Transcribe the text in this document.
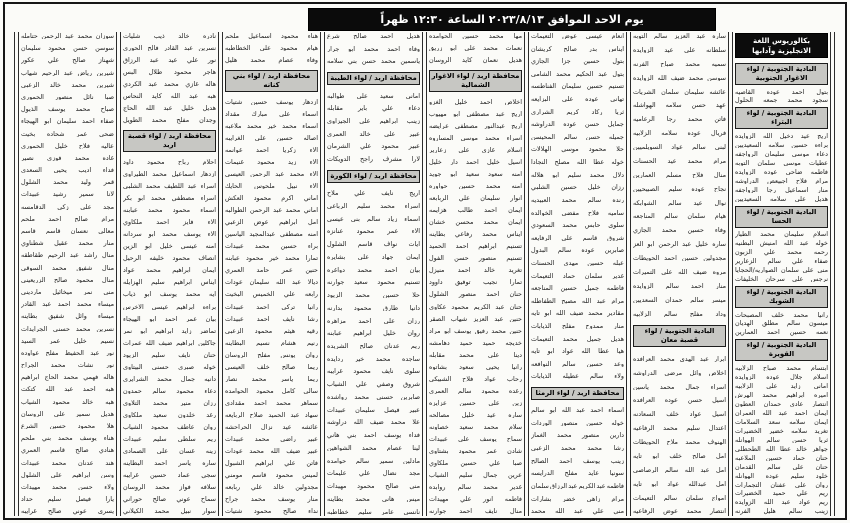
يوم الاحد الموافق ٢٠٢٣/٨/١٣ الساعة ١٢:٣٠ ظهراً
بكالوريوس اللغة الانجليزية وآدابها
البادية الجنوبية / لواء الاغوار الجنوبية
بتول
احمد
عوده
القاصيه
سجود
محمد
جمعه
الحلول
البادية الجنوبية / لواء البتراء
اريج
عيد
دخيل
الله
الزوايده
براءه
حسين
سلامه
السعيديين
دعاء
موسى
سليمان
الرواجفه
عطيات
موسى
سلمان
التوبه
فاطمه
ضاحي
عوده
الزوايده
مرام
فلاح
اجبيعص
الدراوشه
منار
اسماعيل
رجا
الرواجفه
هديل
علي
سلامه
السعيديين
البادية الجنوبية / لواء الحسا
اسلام
سليمان
محمد
الطيار
خوله
عبد
الله
امنيش
البطنيه
رحمه
محمد
علي
الزبون
صفاء
علي
سالم
الزعارير
منى
علي
سلمان
الصواريه/الحجايا
نرجس
علي
سرحان
الخليفات
البادية الجنوبية / لواء الشوبك
رانيا
محمد
خلف
المصبحات
ميسون
سالم
مطلق
الهديان
نعمه
حسين
احمد
العمارين
البادية الجنوبية / لواء القويرة
ابتسام
محمد
صباح
الزلابيه
اسلام
جلال
عوده
الزوايده
اماني
زايد
علي
الزلابيه
اميره
ابراهيم
محمد
الهرش
انتصار
عادي
حمدان
العطون
ايمان
احمد
عبد
الله
العمران
ايمان
سلامه
سعد
السلامات
تغريد
سلامه
خضير
الخضيرات
ثريا
حسن
سالم
الهوانله
جواهر
خالد
عطا
الله
الطحطلي
حنان
حماد
حسين
الملاعبه
حنان
علي
سالم
القدمان
خلود
سليم
عوده
الهوانله
روان
علي
عفنان
التجمارات
ريم
علي
حميد
الخضيرات
ريم
عواد
عبد
الله
الزوايده
زينب
سالم
هليل
الفرنه
ساره
عبد
العزيز
سالم
التوبه
سلطانه
علي
عيد
الزوايده
سميه
محمد
صباح
الفرنه
سوسن
محمد
ضيف
الله
الزوايده
عائشه
سليمان
سلمان
الشريات
عهد
حسن
سلامه
الهواشله
فاتن
محمد
رجا
الرعاميه
فريال
عوده
سلامه
الزلابيه
لبنى
سالم
عواد
السويلميين
مرام
محمد
عيد
الحسنات
منال
فلاح
مسلم
العمارين
نجاح
عوده
سليم
الصبيحيين
نوال
عيد
سالم
الشوابكه
هيام
سلمان
سالم
المناجعه
وفاء
حسين
محمد
الجازي
ساره
خليل
عبد
الرحمن
ابو
العز
مجدولين
حسين
احمد
الحويطات
مروه
ضيف
الله
علي
التميرات
منار
احمد
سالم
الزوايده
ميسر
سالم
حمدان
السعديين
وداد
مفلح
سالم
الزلابيه
البادية الجنوبية / لواء قصبة معان
ابرار
عبد
الهدى
محمد
العرافده
اخلاص
وائل
مرضي
الدراوشه
اسراء
جمال
محمد
ياسين
اسيل
حسن
عوده
العرافده
اسيل
عواد
خلف
السعادنه
اعتدال
سليم
محمد
الرفاعيه
الهنوف
محمد
ملاح
الحويطات
امل
صالح
خلف
ابو
تايه
امل
عبد
الله
سالم
الرصاصي
امل
عبدالله
عواد
ابو
تايه
امواج
سلمان
سالم
التعيمات
انتصار
محمد
عوض
الرفاعيه
انعام
عيسى
عوض
التعيمات
ايناس
بدر
صالح
كريشان
بتول
حسين
جزا
الجازي
بتول
عبد
الحكيم
محمد
الشامي
تسنيم
حسين
سليمان
الفناطسه
تهاني
عوده
علي
البزايعه
ثريا
ركاد
كريم
الشراري
جمايل
حسن
عوده
الدراوشه
جميله
حسن
سالم
المحيسن
حلا
محمود
موسى
الهلالات
خوله
عطا
الله
مصلح
النجادا
دلال
محمد
سليم
ابو
هلاله
رزان
خليل
حسين
الشلبي
رنده
سالم
محمد
العبيديه
ساميه
فلاح
مفضي
الخوالده
سلوى
حابس
محمد
السعودي
شروق
قاسم
علي
الرفايعه
صابرين
عوده
سالم
البدول
عبله
حسين
مهدي
الحسنات
غدير
سلمان
حماد
التعيمات
فاطمه
جميل
حسين
المناجعه
مرام
عبد
الله
مصبح
الطفاطله
مقادير
محمد
ضيف
الله
ابو
تايه
منار
ممدوح
مفلح
الذيابات
هديل
جميل
محمد
التعيمات
هيا
عطا
الله
عواد
ابو
تايه
وعد
حسين
سالم
النوافعه
ولاء
سالم
عطيله
الذيابات
محافظة اربد / لواء الرمثا
اسماء
احمد
عبد
الله
ابو
سالم
خوله
حسين
منصور
الوردات
دارين
منصور
محمد
الغماز
رشا
محمد
محمد
الزعبي
زينب
يوسف
احمد
الصالح
سونيا
عايد
مفلح
الدرايسه
فاطمه
عبد
الكريم
عبد
الرزاق
سلمان
مرام
زاهي
خضر
بشارات
منى
علي
عبد
الله
محمد
مها
محمد
حسين
الحوامده
نعمات
محمد
علي
ابو
زريق
هديل
نعمان
كايد
الروسان
محافظة اربد / لواء الاغوار الشمالية
اخلاص
احمد
خليل
الغزو
اريج
عبد
مصطفى
ابو
مهيوب
اريج
عبدالنور
مصطفى
عرايضه
اسراء
محمد
موسى
المساروه
اسلام
غازي
علي
زعارير
اسيل
خليل
احمد
دار
خليل
امنه
سعود
سعيد
ابو
جويد
امنه
محمد
حسين
حواوره
انوار
سليمان
علي
الربابعه
ايمان
احمد
طالب
هزايمه
ايمان
محمد
محسن
خشان
ايناس
محمد
رفاعي
بطاينه
تسنيم
ابراهيم
احمد
الحميد
تسنيم
منصور
حسن
الفول
تغريد
خالد
احمد
منيزل
تمارا
نجيب
توفيق
داوود
حنان
احمد
منصور
الشلول
حنان
عبد
الكريم
محمود
عكاوي
حنين
عبد
العزيز
شهاب
الصقر
حنين
محمد
رفيق
يوسف
ابو
مراد
خديجه
حميد
حميد
دهامشه
دينا
علي
محمد
مقابله
رانيا
يحيى
سعود
بشاتوه
رحاب
عواد
فلاح
الشبيكي
رغده
محمود
سالم
العمري
زين
علي
حسين
عزايزه
ساره
عيد
خليل
مصالحه
سلام
محمد
سعيد
خصاونه
سماح
يوسف
علي
عبيدات
شادن
عمر
محمود
بشتاوي
صبا
علي
حسين
ملكاوي
عرين
جمال
سليم
الشياب
غدير
محمد
سالم
روابده
فاطمه
انور
علي
مهيدات
منال
نايف
احمد
جوارنه
هديل
احمد
صالح
شرع
وفاء
احمد
محمد
ابو
جرار
ياسمين
محمد
حسن
بني
سلامه
محافظة اربد / لواء الطيبة
اماني
سعيد
علي
طوالبه
دعاء
علي
باير
مقابله
زينب
ابراهيم
علي
الجيزاوي
عبير
علي
خالد
العمري
عبير
محمود
علي
الشرمان
لارا
مشرف
راجح
الدويكات
محافظة اربد / لواء الكورة
اريج
نايف
علي
ملاح
اسراء
محمد
سليم
الرباعي
اسماء
زياد
سالم
بني
عيسى
الاء
عمر
محمود
عنانزه
ايات
نواف
قاسم
الشلول
ايمان
جهاد
علي
بشايره
بيان
احمد
محمد
دواغره
تسنيم
محمود
سعيد
جوارنه
حلا
حسين
محمد
الزيود
دانيا
طارق
محمود
بدارنه
رزان
علي
احمد
مزاهره
روان
خليل
ابراهيم
عبابنه
ريم
عدنان
صالح
الشريده
ساجده
محمد
خير
ردايده
سلوى
نايف
محمود
غرايبه
شروق
وصفي
علي
الشياب
صابرين
حسني
محمد
رواشده
عبير
فيصل
سليمان
عبيدات
علا
محمد
ضيف
الله
دراوشه
فداء
يوسف
احمد
بني
هاني
لينا
عصام
محمد
الشواهين
مادلين
سمير
سالم
حوامده
مجد
نضال
علي
عليمات
منى
صالح
محمود
مهيدات
ميس
هاني
محمد
بطاينه
نانسي
عامر
سليم
خطاطبه
هناء
محمود
اسماعيل
ملحم
هيام
محمود
علي
الخطاطبه
وفاء
عصام
محمد
هليل
محافظة اربد / لواء بني كنانه
ازدهار
يوسف
حسين
شتيات
اسماء
علي
مبارك
مقداد
اسماء
محمد
خير
محمد
ملاعبه
اصاله
حسين
علي
الغرايبه
الاء
زكريا
احمد
غوانمه
الاء
زيد
محمود
غنيمات
الاء
محمد
عبد
الرحمن
العيسى
الاء
نبيل
ملحوس
الحايك
اماني
اكرم
محمود
العكش
اماني
محمد
عبد
الرحمن
الطوالبه
امل
ابراهيم
عوض
الزعبي
امنه
مصطفى
عبدالمجيد
الياسين
براء
حسين
محمد
عبيدات
تمارا
محمد
خير
محمود
عبابنه
حنين
عمر
حامد
العمري
ديالا
عبد
الله
سليمان
عودات
رابعه
علي
الخميس
البخيت
رانيا
تركي
احمد
عبيدات
رشا
نايف
احمد
عبيدات
رقيه
هيثم
محمود
الزعبي
رنيم
هشام
نسيم
البطاينه
روان
يونس
مفلح
الروسان
ريما
صالح
خلف
العيسى
ريما
ياسر
محمد
نصار
سالي
كامل
محمود
الحوامده
سماهر
محمد
احمد
مقدادي
سهاد
عبد
الحميد
صلاح
الربايعه
عائشه
عيد
نزال
الحراحشه
عبير
راضي
محمد
عبيدات
عبير
ضيف
الله
محمد
عودات
فاتن
علي
ابراهيم
الشبول
لميس
محمود
قاسم
مومني
مجدولين
خالد
علي
ربابعه
منار
يوسف
محمد
جراح
نداء
صالح
محمود
شتيات
نادره
خالد
ذيب
شليات
نسرين
عبد
القادر
فالح
الحوري
نور
علي
عيد
عبد
الرزاق
هاجر
محمود
طلال
البس
هاله
غازي
محمد
عبد
الكردي
هبه
عبد
الله
كايد
النحاس
هديل
خليل
عبد
الله
الحاج
وجدان
مفلح
محمد
الطويل
محافظة اربد / لواء قصبة اربد
احلام
رباح
محمود
داود
ازدهار
اسماعيل
محمد
الطيراوي
اسراء
عبد
اللطيف
محمد
الشلبي
اسراء
مصطفى
محمد
ابو
بكر
اسماء
محمود
محمد
عبابنه
الاء
فايز
احمد
ملكاوي
الاء
يوسف
محمد
ابو
سردانه
امنه
عيسى
خليل
ابو
الزين
انصاف
محمود
خليفه
الرحيل
ايمان
ابراهيم
محمد
عواد
ايناس
ابراهيم
سليم
الهزايله
آيه
محمد
يوسف
ابو
ذياب
براءه
ابراهيم
عيسى
الاخرس
بيان
عمر
احمد
ابو
الهيجاء
تماضر
زايد
ابراهيم
ابو
نمر
جاكلين
ابراهيم
ضيف
الله
عمرات
حنان
نايف
سليم
الزيود
خوله
صبري
حسني
البيتاوي
دانيه
جمال
محمد
الشرايري
دعاء
محمود
سالم
حمدون
رزان
منير
محمد
التلاوي
رغد
خلدون
سعيد
ملكاوي
روان
عاطف
محمود
الشياب
ريم
سلطي
سليم
عبيدات
زينه
غسان
علي
الصمادي
ساره
ياسر
احمد
البطاينه
سجى
عماد
حسين
غرايبه
سلافه
فواز
محمد
الروسان
سماح
عوني
صالح
حوراني
سوار
نبيل
محمد
الكيلاني
سوزان
محمد
عبد
الرحمن
حتامله
سوسن
حسن
محمود
سليمان
شهناز
صالح
علي
عكور
شيرين
رياض
عبد
الرحيم
شهاب
شيرين
محمد
خالد
الزعبي
صبا
نائل
منصور
الحموري
صباح
محمد
يوسف
الذيول
صفاء
احمد
سليمان
ابو
الهيجاء
ضحى
عمر
شحاده
بخيت
عاليه
فلاح
خليل
الحموري
غاده
محمد
فوزي
نصير
فداء
اديب
يحيى
السعدي
قمر
وليد
محمد
الشلول
لانا
سمير
رشيد
عبيدات
مجد
علي
زكي
الدقامسه
مرام
صالح
احمد
ملحم
معالي
نعسان
قاسم
قاسم
منار
محمد
عقيل
شطناوي
منال
راشد
عبد
الرحيم
طقاطقه
منال
شفيق
محمد
السوقي
منال
محمود
صالح
الزريعيني
منى
نمر
ميخائيل
مارديني
ميساء
محمد
احمد
عبد
القادر
ميساء
وائل
شفيق
بطاينه
نسرين
محمد
حسني
الجرايدات
نسيم
خليل
عمر
السيد
نور
عبد
الحفيظ
مفلح
عواوده
نور
نشات
محمد
الجراح
هاله
فهمي
محمد
الحاج
ابراهيم
هبه
احمد
عبد
الله
كتكت
هبه
خالد
محمود
الشياب
هديل
سمير
علي
الروسان
هلا
محمود
حسين
الشرع
هناء
يوسف
محمد
بني
ملحم
هنادي
صالح
قاسم
العمري
هند
عدنان
محمد
عبيدات
وسن
ابراهيم
علي
الشلول
ولاء
حسن
محمد
مهيدات
يارا
فيصل
سليم
حداد
يسرى
عوني
صالح
غرايبه
